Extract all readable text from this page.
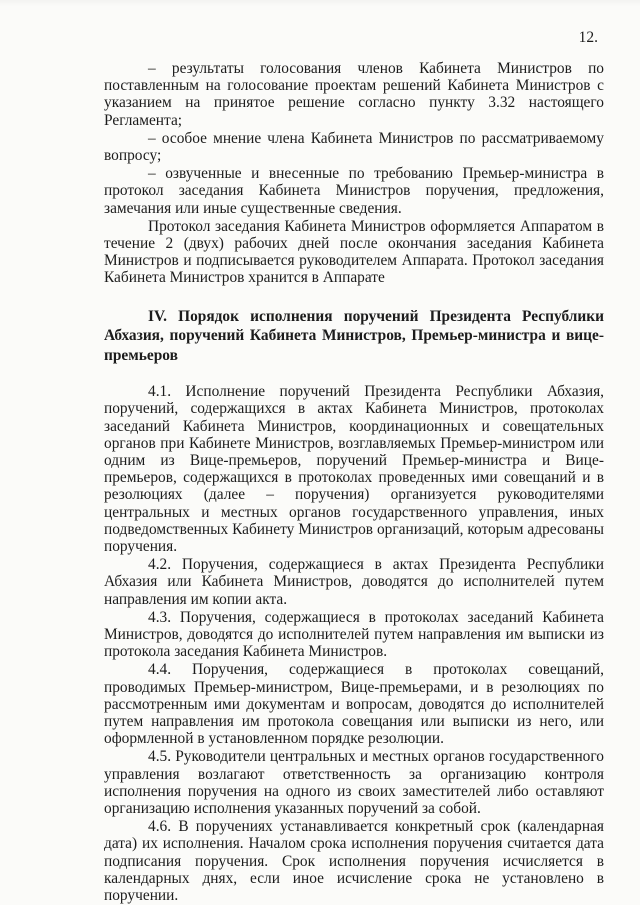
12.

– результаты голосования членов Кабинета Министров по поставленным на голосование проектам решений Кабинета Министров с указанием на принятое решение согласно пункту 3.32 настоящего Регламента;

– особое мнение члена Кабинета Министров по рассматриваемому вопросу;

– озвученные и внесенные по требованию Премьер-министра в протокол заседания Кабинета Министров поручения, предложения, замечания или иные существенные сведения.

Протокол заседания Кабинета Министров оформляется Аппаратом в течение 2 (двух) рабочих дней после окончания заседания Кабинета Министров и подписывается руководителем Аппарата. Протокол заседания Кабинета Министров хранится в Аппарате

IV. Порядок исполнения поручений Президента Республики Абхазия, поручений Кабинета Министров, Премьер-министра и вице-премьеров

4.1. Исполнение поручений Президента Республики Абхазия, поручений, содержащихся в актах Кабинета Министров, протоколах заседаний Кабинета Министров, координационных и совещательных органов при Кабинете Министров, возглавляемых Премьер-министром или одним из Вице-премьеров, поручений Премьер-министра и Вице-премьеров, содержащихся в протоколах проведенных ими совещаний и в резолюциях (далее – поручения) организуется руководителями центральных и местных органов государственного управления, иных подведомственных Кабинету Министров организаций, которым адресованы поручения.

4.2. Поручения, содержащиеся в актах Президента Республики Абхазия или Кабинета Министров, доводятся до исполнителей путем направления им копии акта.

4.3. Поручения, содержащиеся в протоколах заседаний Кабинета Министров, доводятся до исполнителей путем направления им выписки из протокола заседания Кабинета Министров.

4.4. Поручения, содержащиеся в протоколах совещаний, проводимых Премьер-министром, Вице-премьерами, и в резолюциях по рассмотренным ими документам и вопросам, доводятся до исполнителей путем направления им протокола совещания или выписки из него, или оформленной в установленном порядке резолюции.

4.5. Руководители центральных и местных органов государственного управления возлагают ответственность за организацию контроля исполнения поручения на одного из своих заместителей либо оставляют организацию исполнения указанных поручений за собой.

4.6. В поручениях устанавливается конкретный срок (календарная дата) их исполнения. Началом срока исполнения поручения считается дата подписания поручения. Срок исполнения поручения исчисляется в календарных днях, если иное исчисление срока не установлено в поручении.
